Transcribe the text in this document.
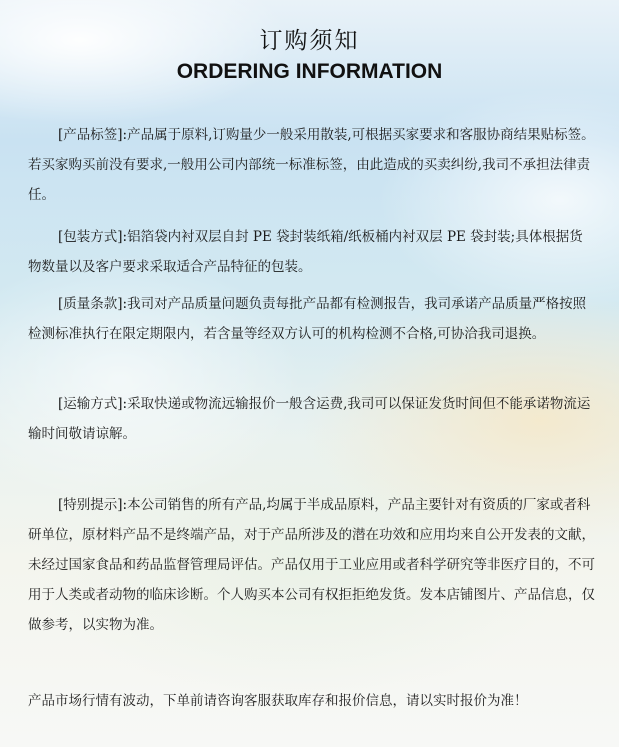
订购须知
ORDERING INFORMATION

[产品标签]:产品属于原料,订购量少一般采用散装,可根据买家要求和客服协商结果贴标签。若买家购买前没有要求,一般用公司内部统一标准标签，由此造成的买卖纠纷,我司不承担法律责任。

[包装方式]:铝箔袋内衬双层自封 PE 袋封装纸箱/纸板桶内衬双层 PE 袋封装;具体根据货物数量以及客户要求采取适合产品特征的包装。

[质量条款]:我司对产品质量问题负责每批产品都有检测报告，我司承诺产品质量严格按照检测标准执行在限定期限内，若含量等经双方认可的机构检测不合格,可协洽我司退换。

[运输方式]:采取快递或物流远输报价一般含运费,我司可以保证发货时间但不能承诺物流运输时间敬请谅解。

[特别提示]:本公司销售的所有产品,均属于半成品原料，产品主要针对有资质的厂家或者科研单位，原材料产品不是终端产品，对于产品所涉及的潜在功效和应用均来自公开发表的文献，未经过国家食品和药品监督管理局评估。产品仅用于工业应用或者科学研究等非医疗目的，不可用于人类或者动物的临床诊断。个人购买本公司有权拒拒绝发货。发本店铺图片、产品信息，仅做参考，以实物为准。

产品市场行情有波动，下单前请咨询客服获取库存和报价信息，请以实时报价为准！
